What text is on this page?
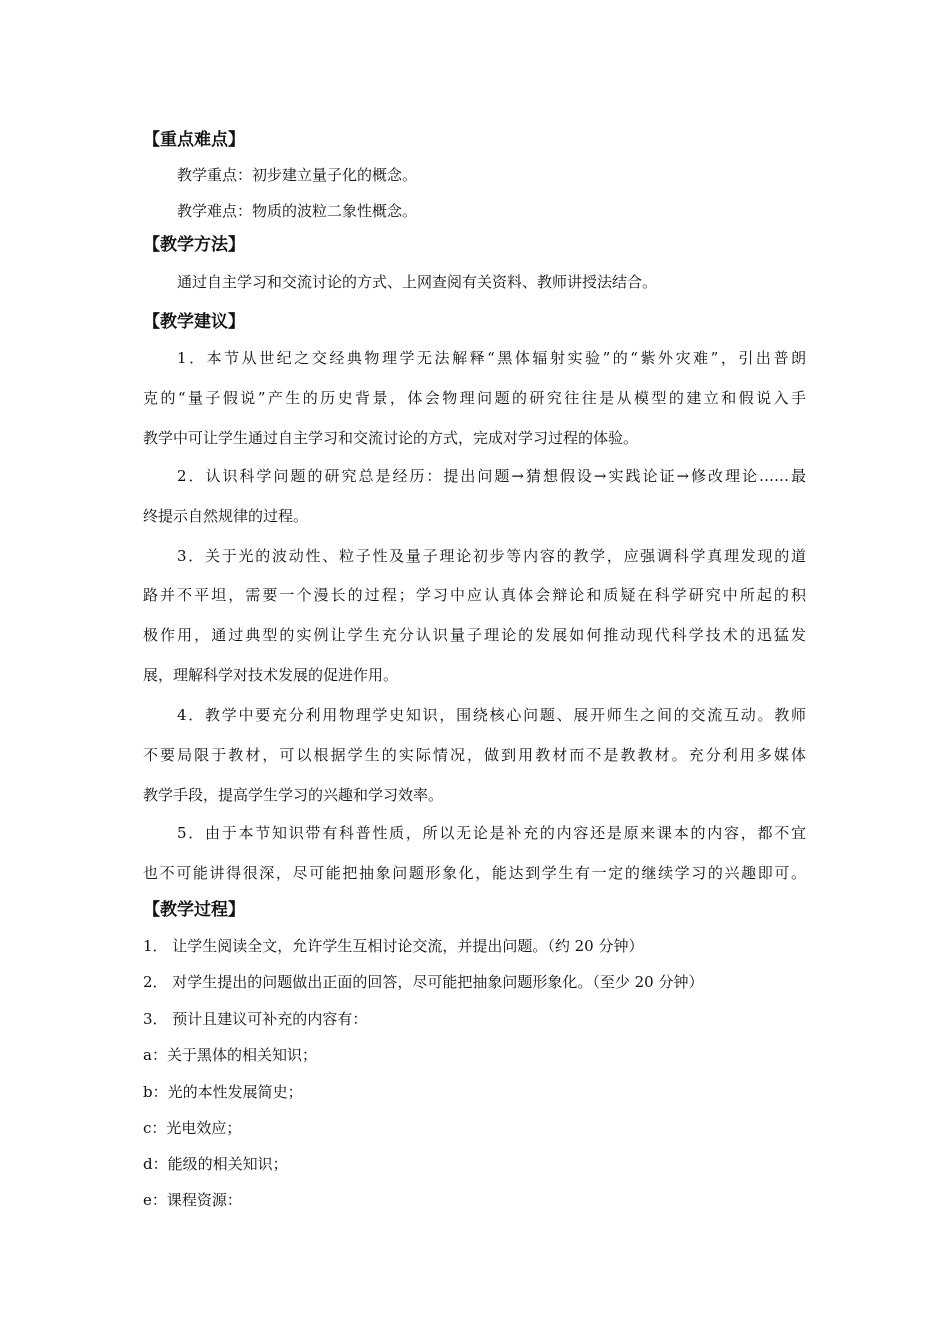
【重点难点】
教学重点：初步建立量子化的概念。
教学难点：物质的波粒二象性概念。
【教学方法】
通过自主学习和交流讨论的方式、上网查阅有关资料、教师讲授法结合。
【教学建议】
1．本节从世纪之交经典物理学无法解释“黑体辐射实验”的“紫外灾难”，引出普朗
克的“量子假说”产生的历史背景，体会物理问题的研究往往是从模型的建立和假说入手
教学中可让学生通过自主学习和交流讨论的方式，完成对学习过程的体验。
2．认识科学问题的研究总是经历：提出问题→猜想假设→实践论证→修改理论……最
终提示自然规律的过程。
3．关于光的波动性、粒子性及量子理论初步等内容的教学，应强调科学真理发现的道
路并不平坦，需要一个漫长的过程；学习中应认真体会辩论和质疑在科学研究中所起的积
极作用，通过典型的实例让学生充分认识量子理论的发展如何推动现代科学技术的迅猛发
展，理解科学对技术发展的促进作用。
4．教学中要充分利用物理学史知识，围绕核心问题、展开师生之间的交流互动。教师
不要局限于教材，可以根据学生的实际情况，做到用教材而不是教教材。充分利用多媒体
教学手段，提高学生学习的兴趣和学习效率。
5．由于本节知识带有科普性质，所以无论是补充的内容还是原来课本的内容，都不宜
也不可能讲得很深，尽可能把抽象问题形象化，能达到学生有一定的继续学习的兴趣即可。
【教学过程】
1． 让学生阅读全文，允许学生互相讨论交流，并提出问题。（约 20 分钟）
2． 对学生提出的问题做出正面的回答，尽可能把抽象问题形象化。（至少 20 分钟）
3． 预计且建议可补充的内容有：
a：关于黑体的相关知识；
b：光的本性发展简史；
c：光电效应；
d：能级的相关知识；
e：课程资源：
